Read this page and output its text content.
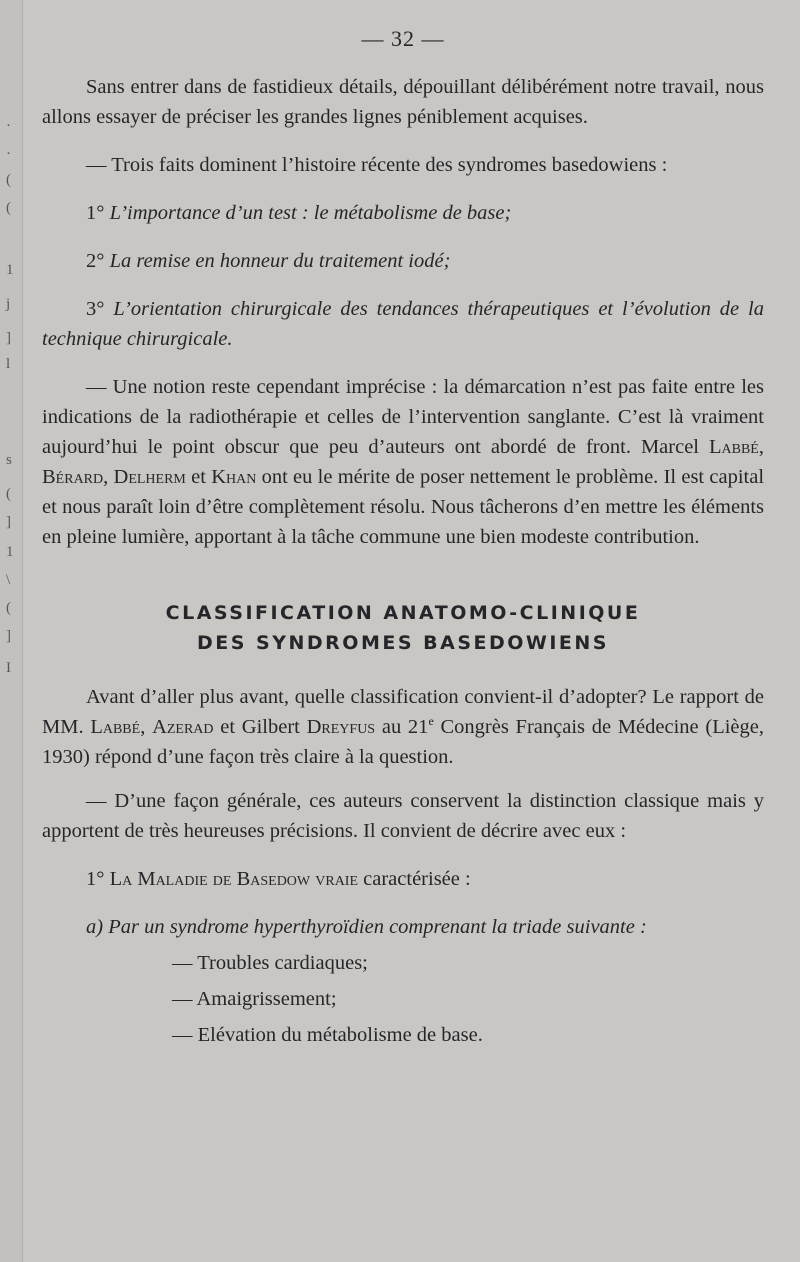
·
·
(
(
1
j
]
l
s
(
]
1
\
(
]
I
— 32 —

Sans entrer dans de fastidieux détails, dépouillant délibérément notre travail, nous allons essayer de préciser les grandes lignes péniblement acquises.

— Trois faits dominent l’histoire récente des syndromes basedowiens :

1° L’importance d’un test : le métabolisme de base;

2° La remise en honneur du traitement iodé;

3° L’orientation chirurgicale des tendances thérapeutiques et l’évolution de la technique chirurgicale.

— Une notion reste cependant imprécise : la démarcation n’est pas faite entre les indications de la radiothérapie et celles de l’intervention sanglante. C’est là vraiment aujourd’hui le point obscur que peu d’auteurs ont abordé de front. Marcel Labbé, Bérard, Delherm et Khan ont eu le mérite de poser nettement le problème. Il est capital et nous paraît loin d’être complètement résolu. Nous tâcherons d’en mettre les éléments en pleine lumière, apportant à la tâche commune une bien modeste contribution.

CLASSIFICATION ANATOMO-CLINIQUE
DES SYNDROMES BASEDOWIENS

Avant d’aller plus avant, quelle classification convient-il d’adopter? Le rapport de MM. Labbé, Azerad et Gilbert Dreyfus au 21e Congrès Français de Médecine (Liège, 1930) répond d’une façon très claire à la question.

— D’une façon générale, ces auteurs conservent la distinction classique mais y apportent de très heureuses précisions. Il convient de décrire avec eux :

1° La Maladie de Basedow vraie caractérisée :

a) Par un syndrome hyperthyroïdien comprenant la triade suivante :

— Troubles cardiaques;

— Amaigrissement;

— Elévation du métabolisme de base.
